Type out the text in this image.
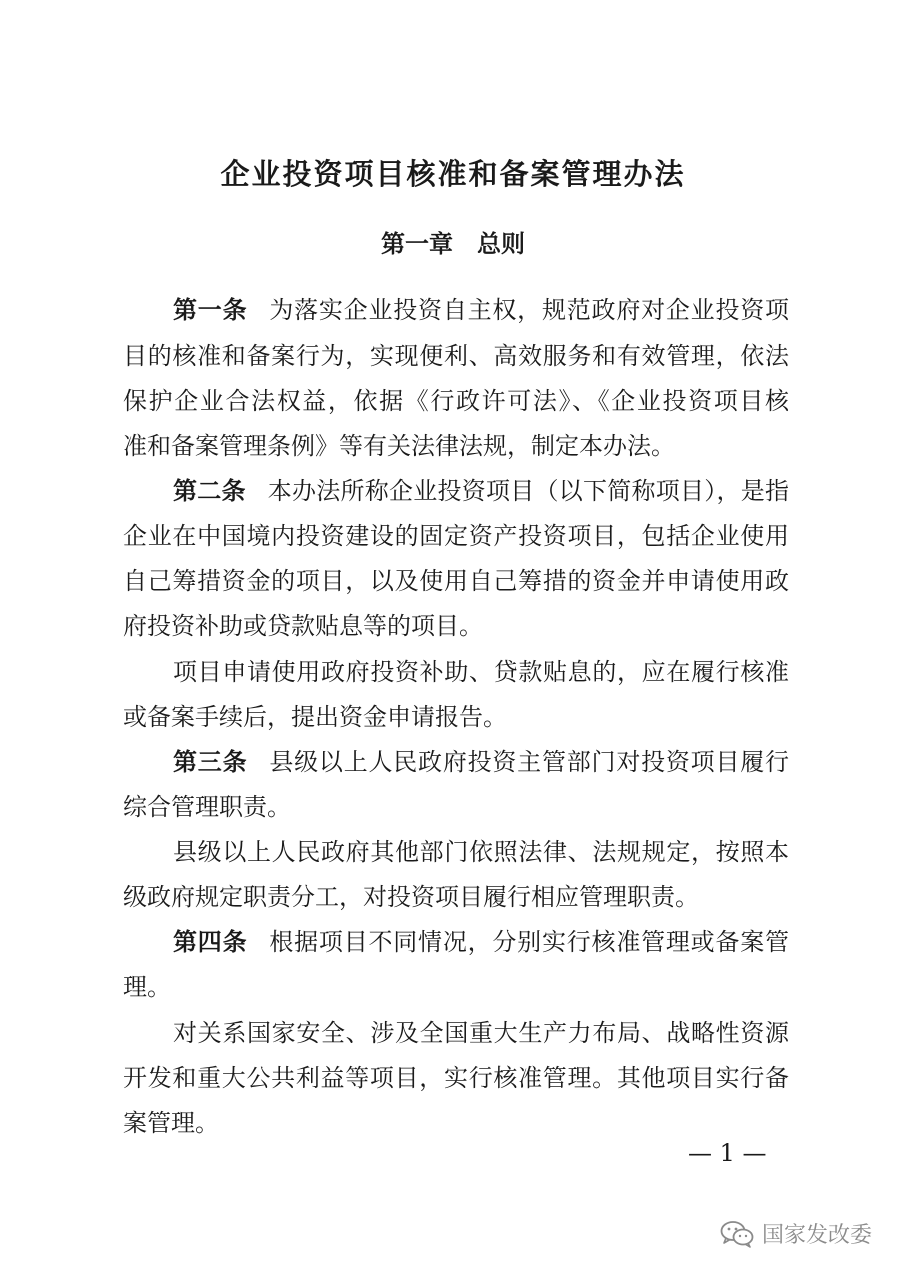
企业投资项目核准和备案管理办法
第一章 总则
第一条 为落实企业投资自主权，规范政府对企业投资项
目的核准和备案行为，实现便利、高效服务和有效管理，依法
保护企业合法权益，依据《行政许可法》、《企业投资项目核
准和备案管理条例》等有关法律法规，制定本办法。
第二条 本办法所称企业投资项目（以下简称项目），是指
企业在中国境内投资建设的固定资产投资项目，包括企业使用
自己筹措资金的项目，以及使用自己筹措的资金并申请使用政
府投资补助或贷款贴息等的项目。
项目申请使用政府投资补助、贷款贴息的，应在履行核准
或备案手续后，提出资金申请报告。
第三条 县级以上人民政府投资主管部门对投资项目履行
综合管理职责。
县级以上人民政府其他部门依照法律、法规规定，按照本
级政府规定职责分工，对投资项目履行相应管理职责。
第四条 根据项目不同情况，分别实行核准管理或备案管
理。
对关系国家安全、涉及全国重大生产力布局、战略性资源
开发和重大公共利益等项目，实行核准管理。其他项目实行备
案管理。
— 1 —
国家发改委
